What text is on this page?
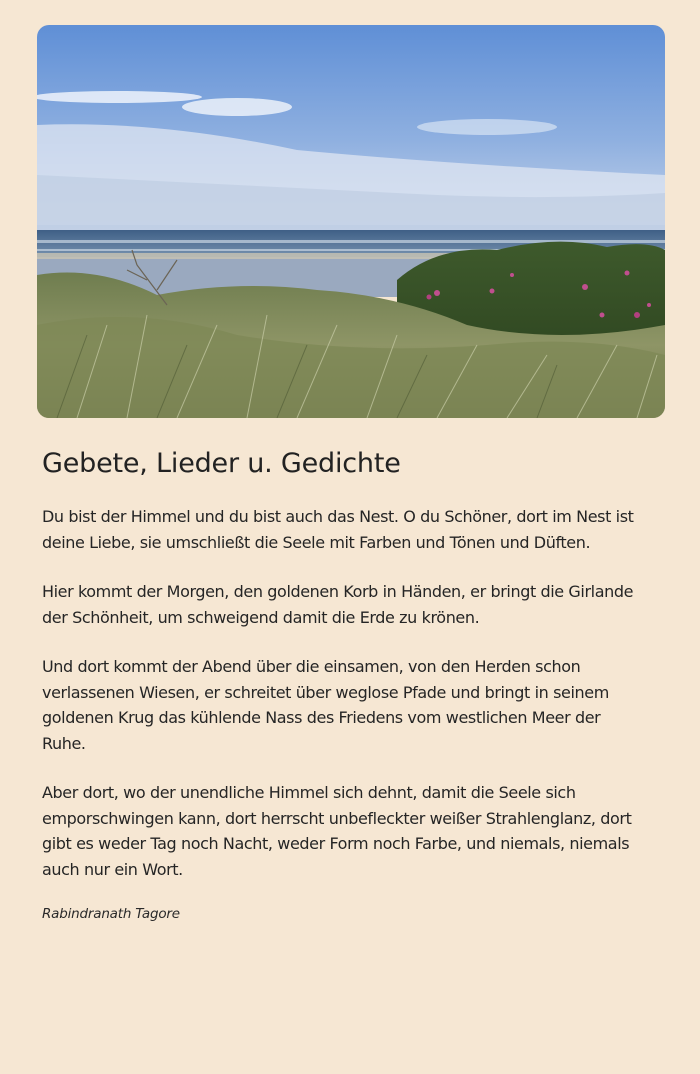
Gebete, Lieder u. Gedichte

Du bist der Himmel und du bist auch das Nest. O du Schöner, dort im Nest ist deine Liebe, sie umschließt die Seele mit Farben und Tönen und Düften.

Hier kommt der Morgen, den goldenen Korb in Händen, er bringt die Girlande der Schönheit, um schweigend damit die Erde zu krönen.

Und dort kommt der Abend über die einsamen, von den Herden schon verlassenen Wiesen, er schreitet über weglose Pfade und bringt in seinem goldenen Krug das kühlende Nass des Friedens vom westlichen Meer der Ruhe.

Aber dort, wo der unendliche Himmel sich dehnt, damit die Seele sich emporschwingen kann, dort herrscht unbefleckter weißer Strahlenglanz, dort gibt es weder Tag noch Nacht, weder Form noch Farbe, und niemals, niemals auch nur ein Wort.

Rabindranath Tagore
